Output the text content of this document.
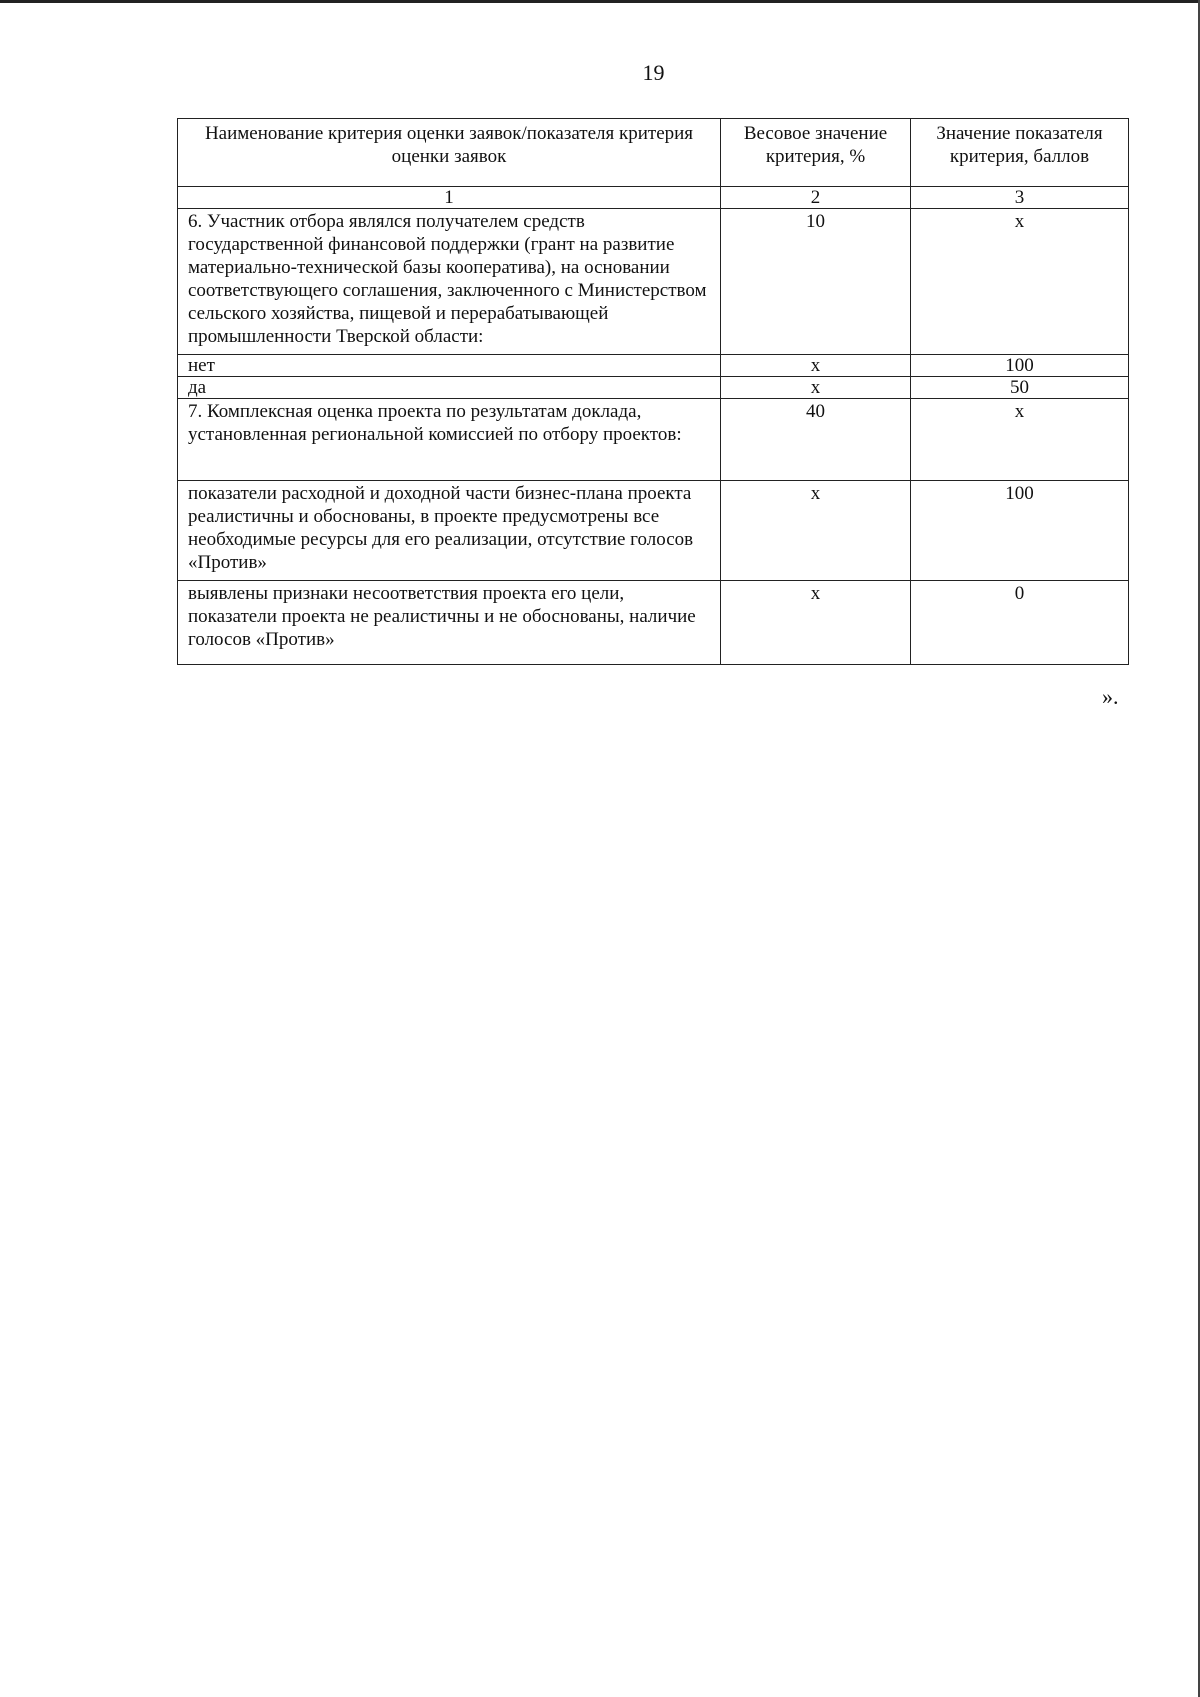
19
Наименование критерия оценки заявок/показателя критерия оценки заявок	Весовое значение критерия, %	Значение показателя критерия, баллов
1	2	3
6. Участник отбора являлся получателем средств государственной финансовой поддержки (грант на развитие материально-технической базы кооператива), на основании соответствующего соглашения, заключенного с Министерством сельского хозяйства, пищевой и перерабатывающей промышленности Тверской области:	10	х
нет	х	100
да	х	50
7. Комплексная оценка проекта по результатам доклада, установленная региональной комиссией по отбору проектов:	40	х
показатели расходной и доходной части бизнес-плана проекта реалистичны и обоснованы, в проекте предусмотрены все необходимые ресурсы для его реализации, отсутствие голосов «Против»	х	100
выявлены признаки несоответствия проекта его цели, показатели проекта не реалистичны и не обоснованы, наличие голосов «Против»	х	0
».
